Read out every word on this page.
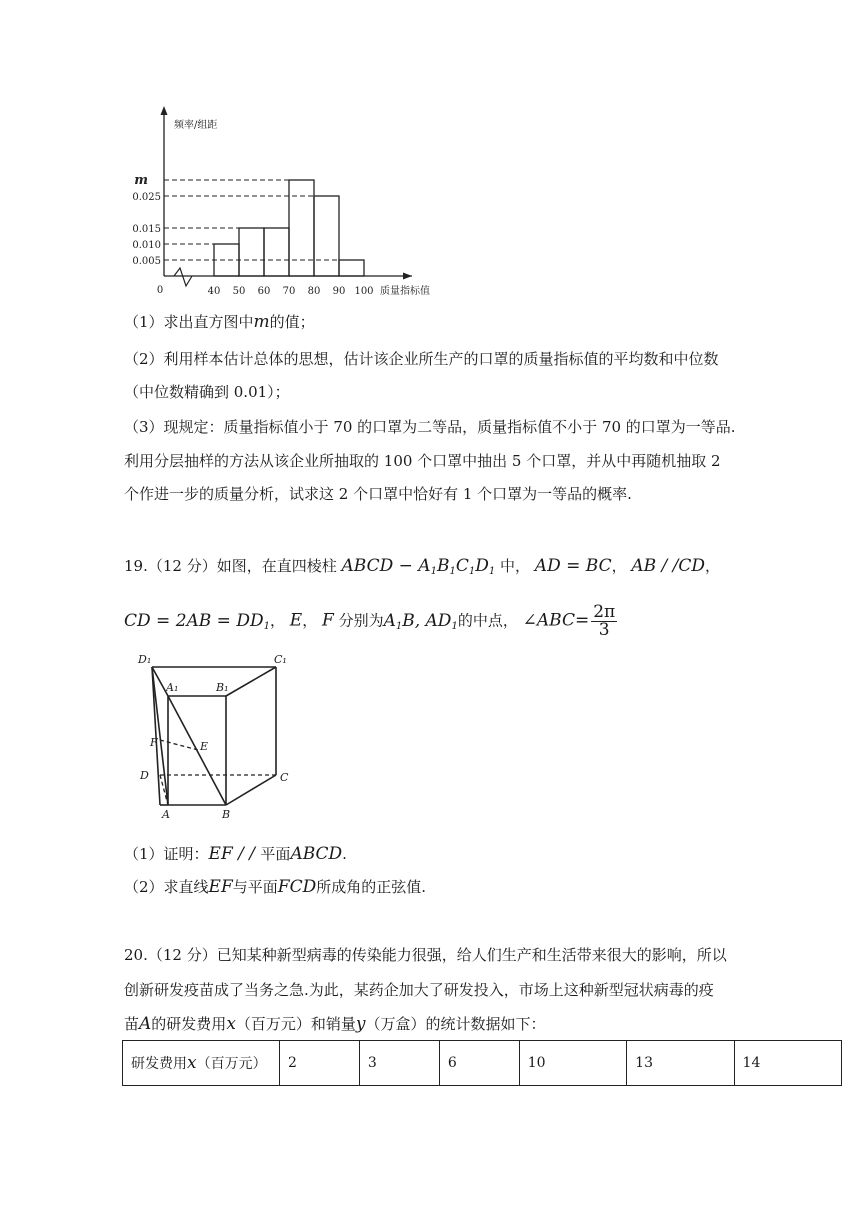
m
0.025
0.015
0.010
0.005
40 50 60 70 80 90 100
0	质量指标值
频率/组距
（1）求出直方图中m的值；
（2）利用样本估计总体的思想，估计该企业所生产的口罩的质量指标值的平均数和中位数
（中位数精确到 0.01）；
（3）现规定：质量指标值小于 70 的口罩为二等品，质量指标值不小于 70 的口罩为一等品.
利用分层抽样的方法从该企业所抽取的 100 个口罩中抽出 5 个口罩，并从中再随机抽取 2
个作进一步的质量分析，试求这 2 个口罩中恰好有 1 个口罩为一等品的概率.
19.（12 分）如图，在直四棱柱 ABCD − $A_1B_1C_1D_1$ 中， AD = BC， AB / /CD，
CD = $2AB = DD_1$， E， F 分别为$A_1B$, $AD_1$的中点， ∠ABC= $\frac{2\pi}{3}$
D₁	C₁
A₁	B₁
F	E
D	C
A	B
（1）证明：EF / / 平面ABCD.
（2）求直线EF与平面FCD所成角的正弦值.
20.（12 分）已知某种新型病毒的传染能力很强，给人们生产和生活带来很大的影响，所以
创新研发疫苗成了当务之急.为此，某药企加大了研发投入，市场上这种新型冠状病毒的疫
苗A的研发费用x（百万元）和销量y（万盒）的统计数据如下：
研发费用x（百万元）	2	3	6	10	13	14
